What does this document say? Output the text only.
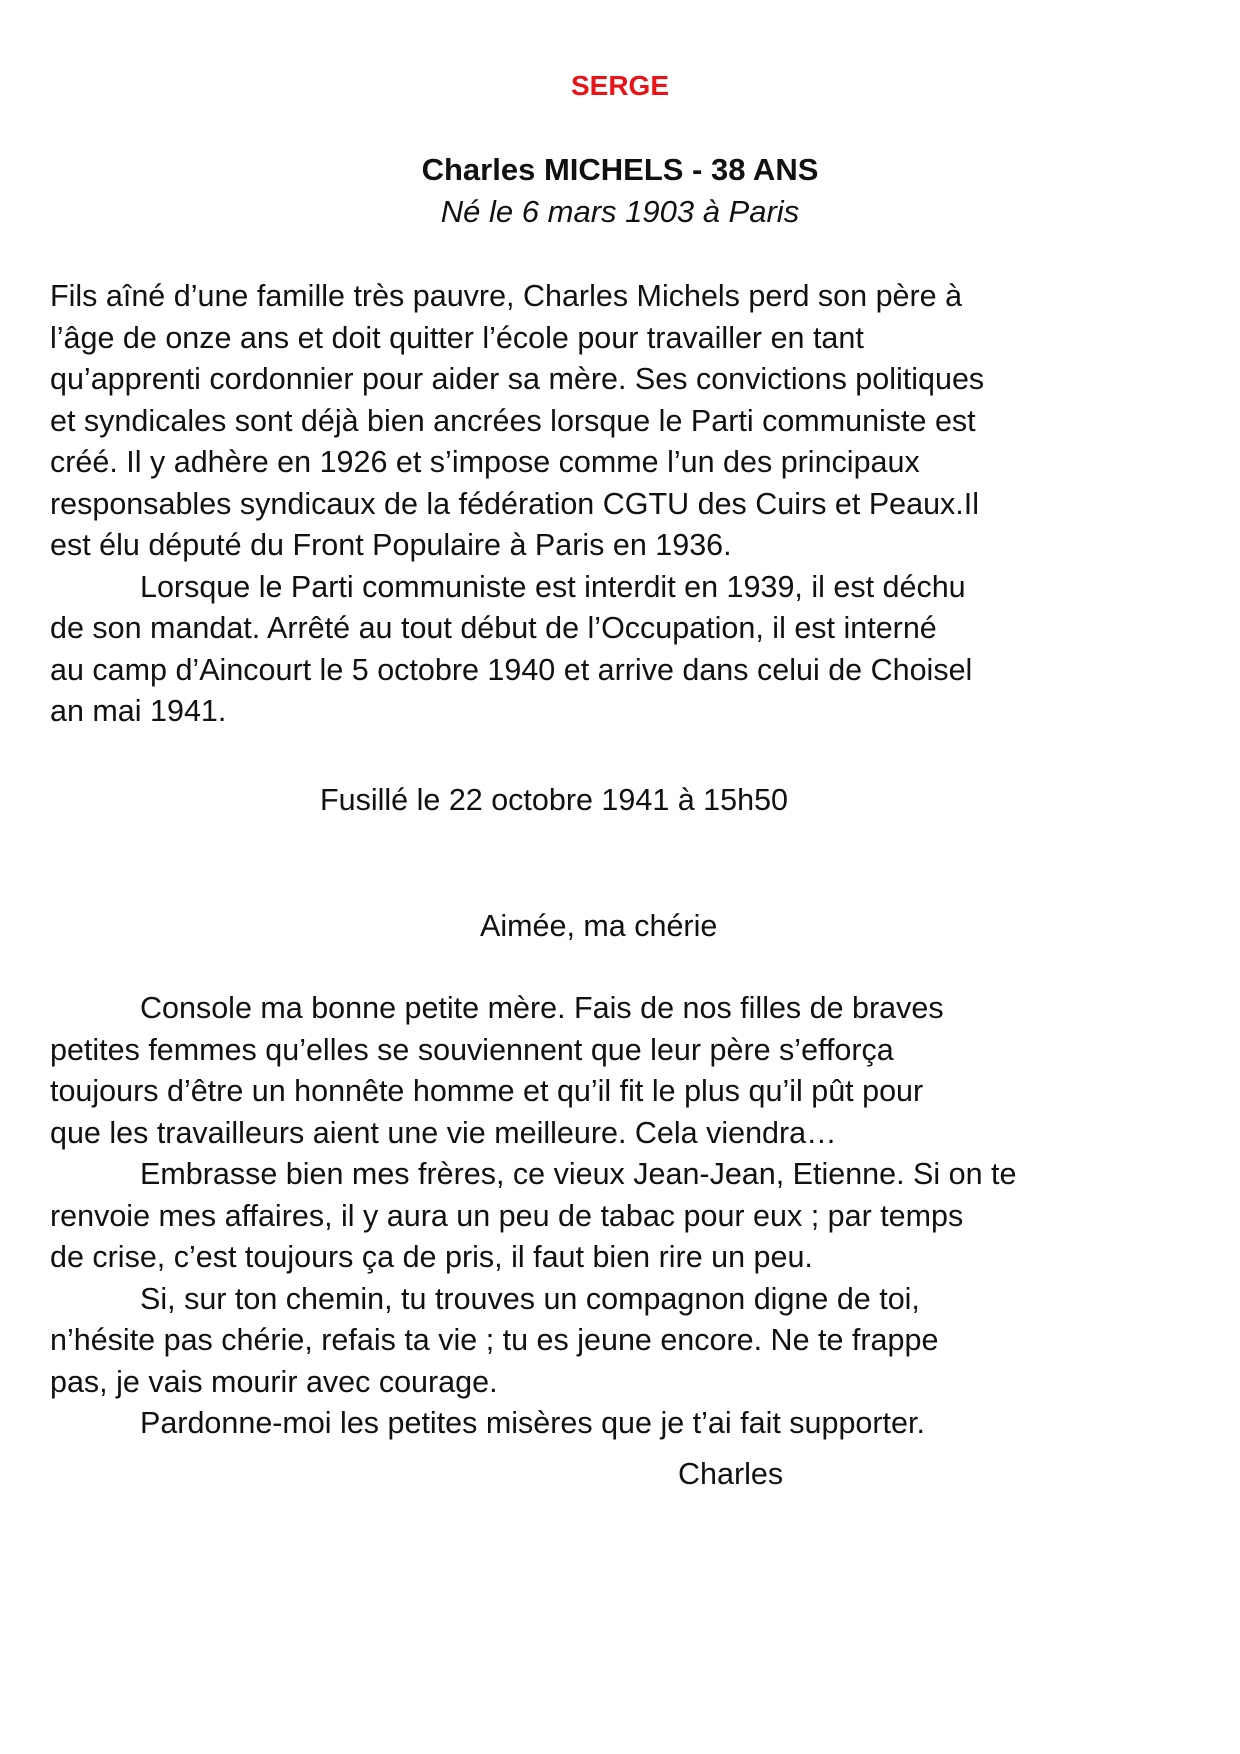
SERGE

Charles MICHELS - 38 ANS

Né le 6 mars 1903 à Paris

Fils aîné d’une famille très pauvre, Charles Michels perd son père à

l’âge de onze ans et doit quitter l’école pour travailler en tant

qu’apprenti cordonnier pour aider sa mère. Ses convictions politiques

et syndicales sont déjà bien ancrées lorsque le Parti communiste est

créé. Il y adhère en 1926 et s’impose comme l’un des principaux

responsables syndicaux de la fédération CGTU des Cuirs et Peaux.Il

est élu député du Front Populaire à Paris en 1936.

Lorsque le Parti communiste est interdit en 1939, il est déchu

de son mandat. Arrêté au tout début de l’Occupation, il est interné

au camp d’Aincourt le 5 octobre 1940 et arrive dans celui de Choisel

an mai 1941.

Fusillé le 22 octobre 1941 à 15h50

Aimée, ma chérie

Console ma bonne petite mère. Fais de nos filles de braves

petites femmes qu’elles se souviennent que leur père s’efforça

toujours d’être un honnête homme et qu’il fit le plus qu’il pût pour

que les travailleurs aient une vie meilleure. Cela viendra…

Embrasse bien mes frères, ce vieux Jean-Jean, Etienne. Si on te

renvoie mes affaires, il y aura un peu de tabac pour eux ; par temps

de crise, c’est toujours ça de pris, il faut bien rire un peu.

Si, sur ton chemin, tu trouves un compagnon digne de toi,

n’hésite pas chérie, refais ta vie ; tu es jeune encore. Ne te frappe

pas, je vais mourir avec courage.

Pardonne-moi les petites misères que je t’ai fait supporter.

Charles
